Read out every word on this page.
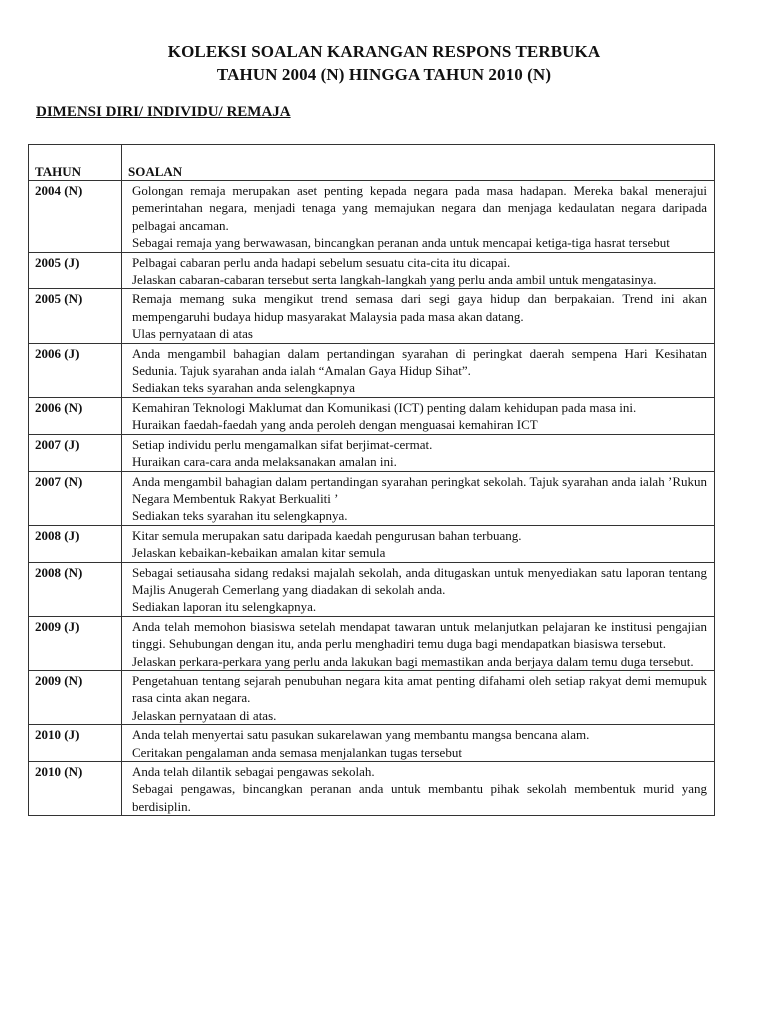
KOLEKSI SOALAN KARANGAN RESPONS TERBUKA
TAHUN 2004 (N) HINGGA TAHUN 2010 (N)
DIMENSI DIRI/ INDIVIDU/ REMAJA
TAHUN	SOALAN
2004 (N)	Golongan remaja merupakan aset penting kepada negara pada masa hadapan. Mereka bakal menerajui pemerintahan negara, menjadi tenaga yang memajukan negara dan menjaga kedaulatan negara daripada pelbagai ancaman.

Sebagai remaja yang berwawasan, bincangkan peranan anda untuk mencapai ketiga-tiga hasrat tersebut

2005 (J)	Pelbagai cabaran perlu anda hadapi sebelum sesuatu cita-cita itu dicapai.

Jelaskan cabaran-cabaran tersebut serta langkah-langkah yang perlu anda ambil untuk mengatasinya.

2005 (N)	Remaja memang suka mengikut trend semasa dari segi gaya hidup dan berpakaian. Trend ini akan mempengaruhi budaya hidup masyarakat Malaysia pada masa akan datang.

Ulas pernyataan di atas

2006 (J)	Anda mengambil bahagian dalam pertandingan syarahan di peringkat daerah sempena Hari Kesihatan Sedunia. Tajuk syarahan anda ialah “Amalan Gaya Hidup Sihat”.

Sediakan teks syarahan anda selengkapnya

2006 (N)	Kemahiran Teknologi Maklumat dan Komunikasi (ICT) penting dalam kehidupan pada masa ini.

Huraikan faedah-faedah yang anda peroleh dengan menguasai kemahiran ICT

2007 (J)	Setiap individu perlu mengamalkan sifat berjimat-cermat.

Huraikan cara-cara anda melaksanakan amalan ini.

2007 (N)	Anda mengambil bahagian dalam pertandingan syarahan peringkat sekolah. Tajuk syarahan anda ialah ’Rukun Negara Membentuk Rakyat Berkualiti ’

Sediakan teks syarahan itu selengkapnya.

2008 (J)	Kitar semula merupakan satu daripada kaedah pengurusan bahan terbuang.

Jelaskan kebaikan-kebaikan amalan kitar semula

2008 (N)	Sebagai setiausaha sidang redaksi majalah sekolah, anda ditugaskan untuk menyediakan satu laporan tentang Majlis Anugerah Cemerlang yang diadakan di sekolah anda.

Sediakan laporan itu selengkapnya.

2009 (J)	Anda telah memohon biasiswa setelah mendapat tawaran untuk melanjutkan pelajaran ke institusi pengajian tinggi. Sehubungan dengan itu, anda perlu menghadiri temu duga bagi mendapatkan biasiswa tersebut.

Jelaskan perkara-perkara yang perlu anda lakukan bagi memastikan anda berjaya dalam temu duga tersebut.

2009 (N)	Pengetahuan tentang sejarah penubuhan negara kita amat penting difahami oleh setiap rakyat demi memupuk rasa cinta akan negara.

Jelaskan pernyataan di atas.

2010 (J)	Anda telah menyertai satu pasukan sukarelawan yang membantu mangsa bencana alam.

Ceritakan pengalaman anda semasa menjalankan tugas tersebut

2010 (N)	Anda telah dilantik sebagai pengawas sekolah.

Sebagai pengawas, bincangkan peranan anda untuk membantu pihak sekolah membentuk murid yang berdisiplin.
